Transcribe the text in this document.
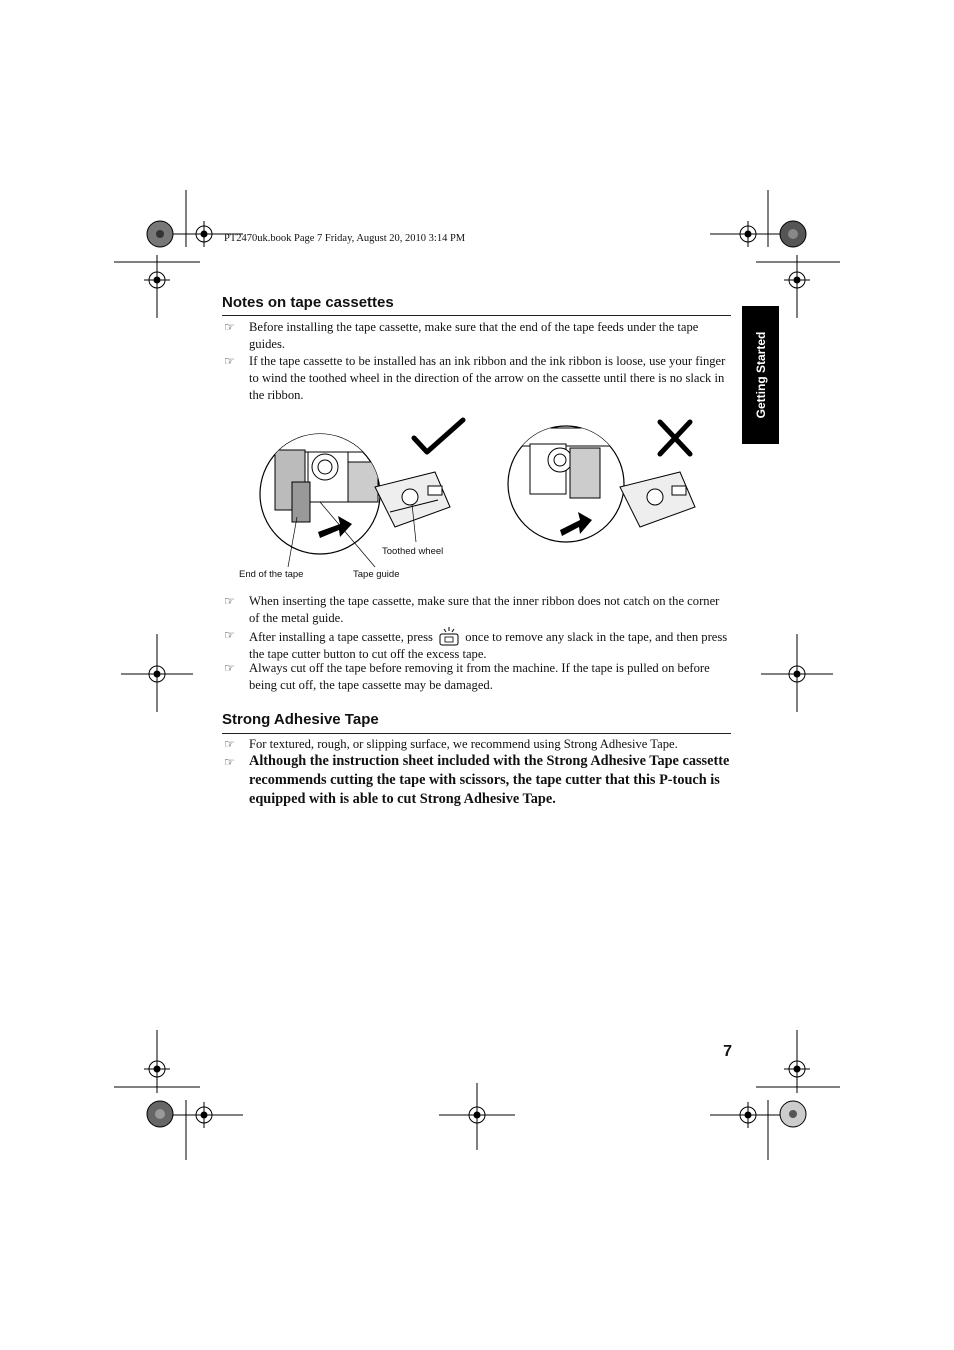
PT2470uk.book Page 7 Friday, August 20, 2010 3:14 PM
Getting Started
Notes on tape cassettes
☞ Before installing the tape cassette, make sure that the end of the tape feeds under the tape guides.
☞ If the tape cassette to be installed has an ink ribbon and the ink ribbon is loose, use your finger to wind the toothed wheel in the direction of the arrow on the cassette until there is no slack in the ribbon.
Toothed wheel
End of the tape	Tape guide
☞ When inserting the tape cassette, make sure that the inner ribbon does not catch on the corner of the metal guide.
☞ After installing a tape cassette, press	once to remove any slack in the tape, and then press the tape cutter button to cut off the excess tape.
☞ Always cut off the tape before removing it from the machine. If the tape is pulled on before being cut off, the tape cassette may be damaged.
Strong Adhesive Tape
☞ For textured, rough, or slipping surface, we recommend using Strong Adhesive Tape.
☞ Although the instruction sheet included with the Strong Adhesive Tape cassette recommends cutting the tape with scissors, the tape cutter that this P-touch is equipped with is able to cut Strong Adhesive Tape.
7
